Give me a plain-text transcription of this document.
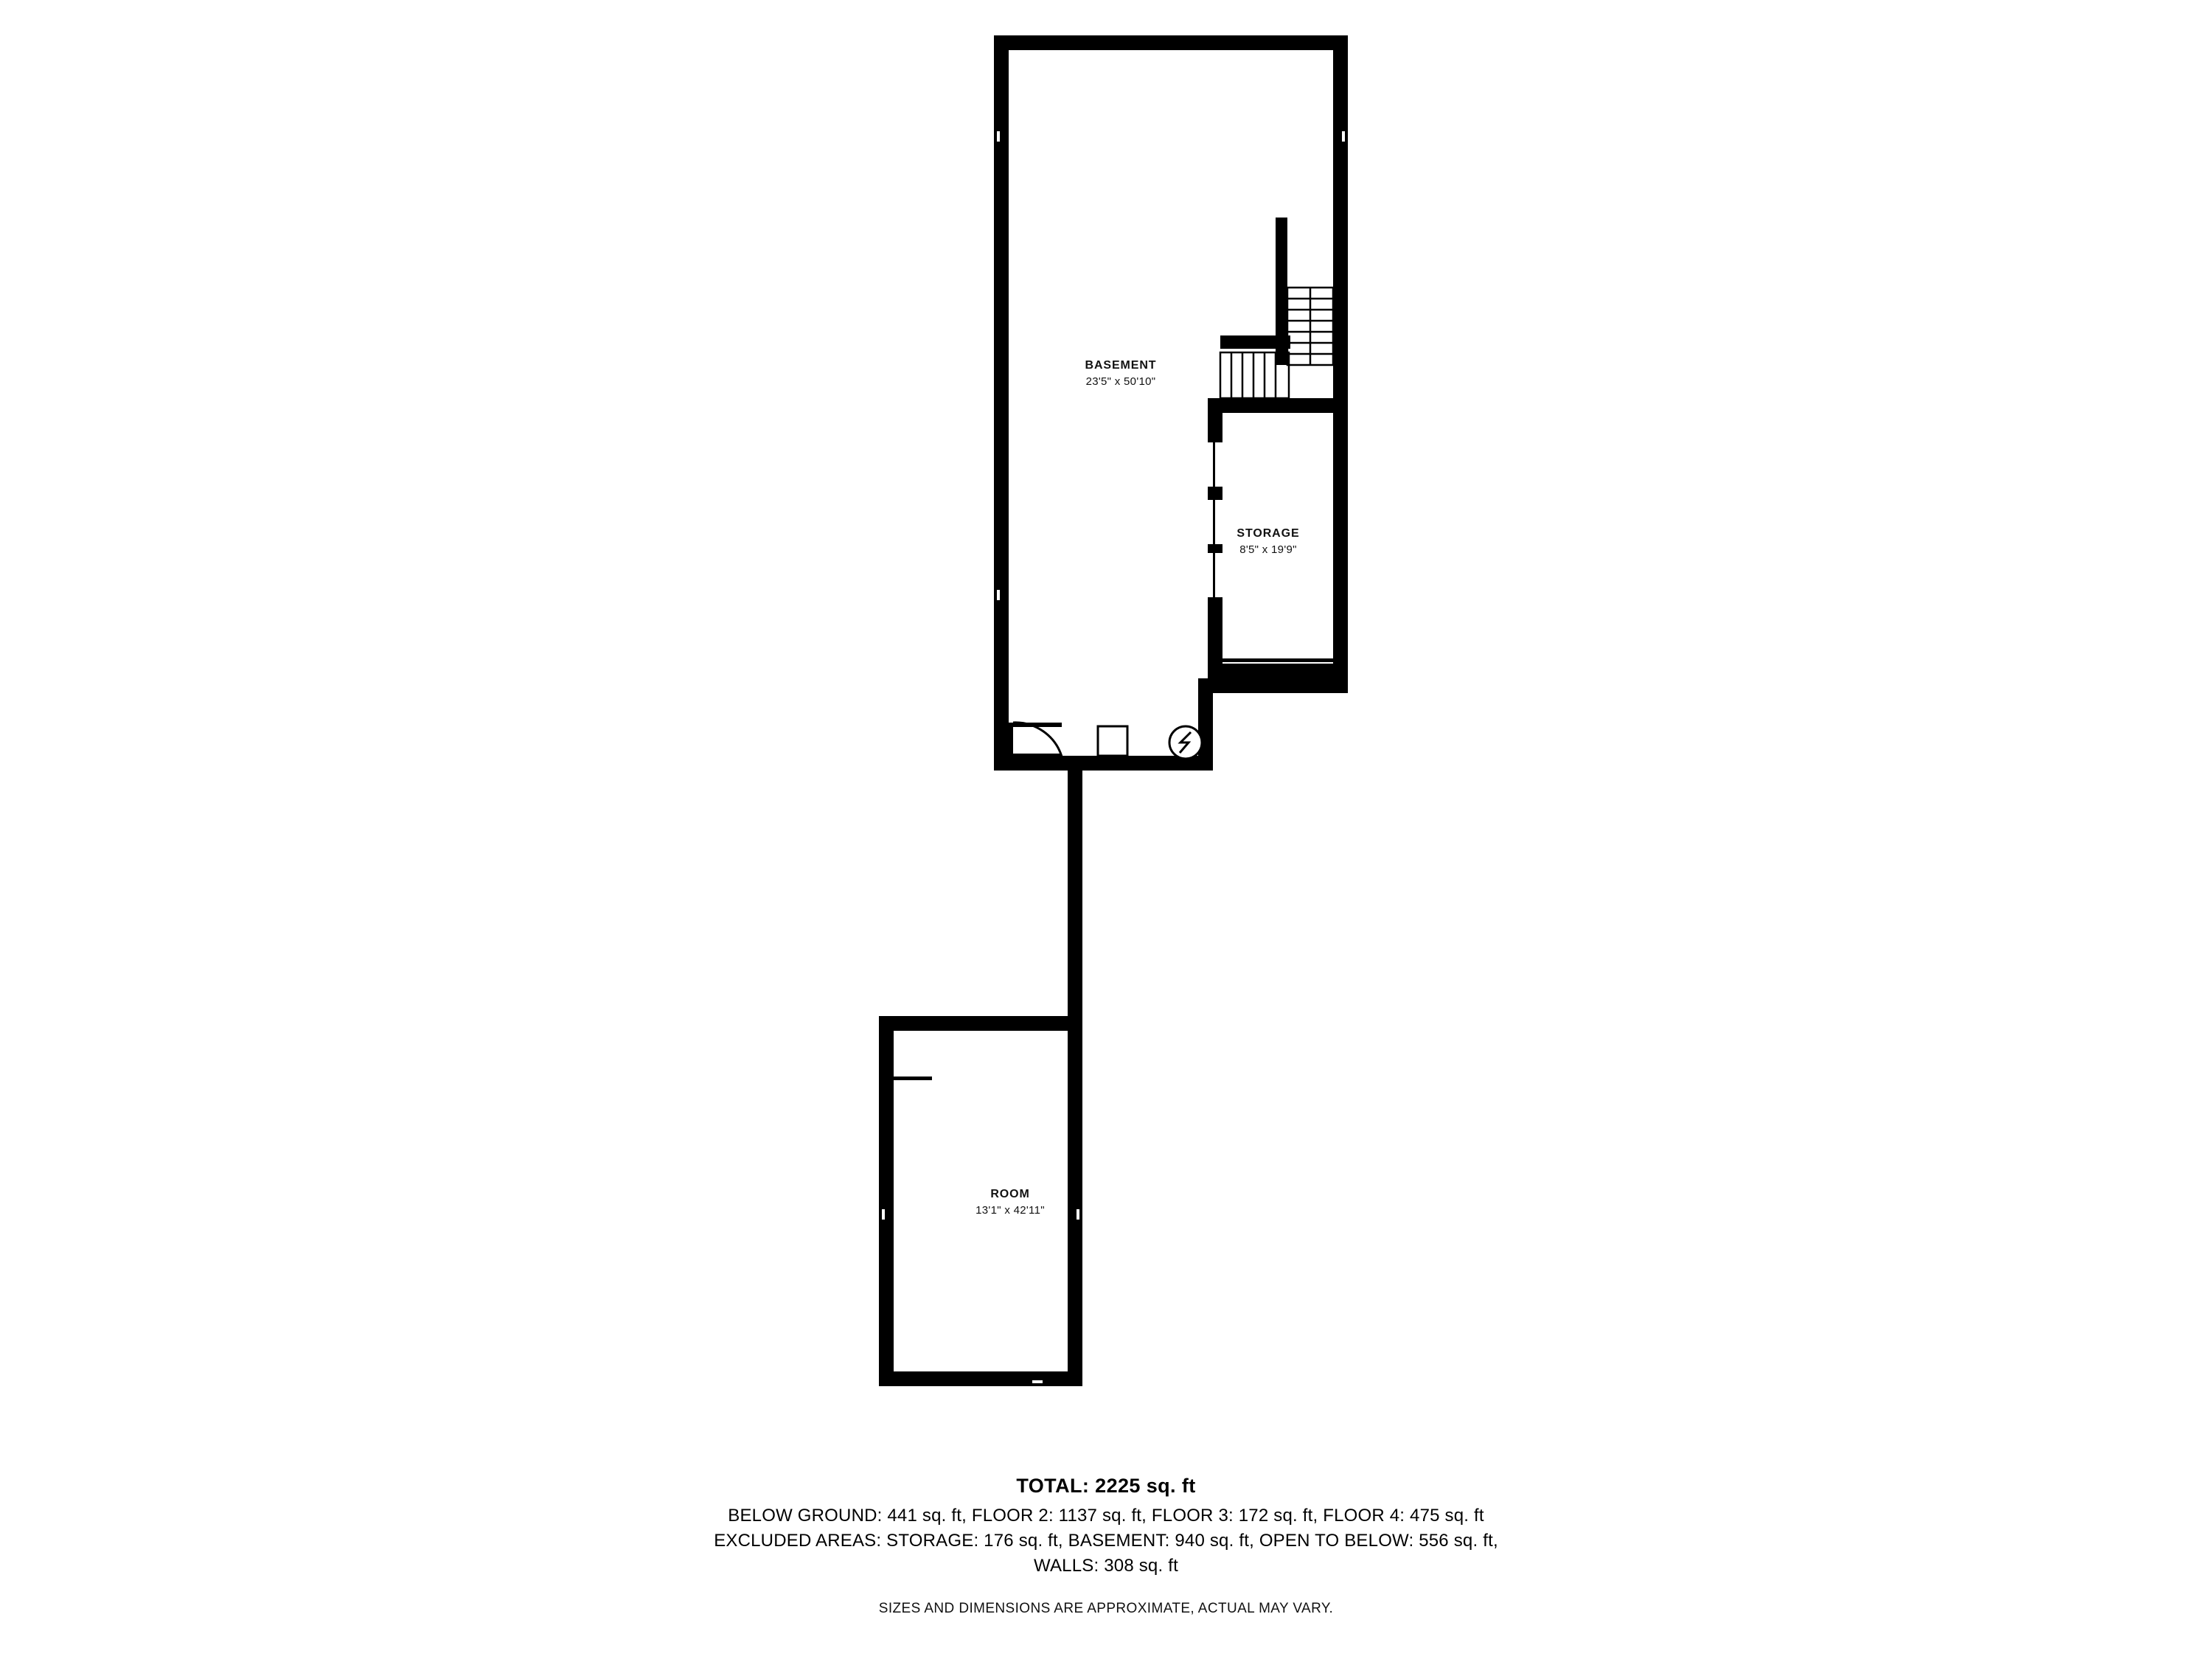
BASEMENT
23'5" x 50'10"
STORAGE
8'5" x 19'9"
ROOM
13'1" x 42'11"
TOTAL: 2225 sq. ft
BELOW GROUND: 441 sq. ft, FLOOR 2: 1137 sq. ft, FLOOR 3: 172 sq. ft, FLOOR 4: 475 sq. ft
EXCLUDED AREAS: STORAGE: 176 sq. ft, BASEMENT: 940 sq. ft, OPEN TO BELOW: 556 sq. ft,
WALLS: 308 sq. ft
SIZES AND DIMENSIONS ARE APPROXIMATE, ACTUAL MAY VARY.
